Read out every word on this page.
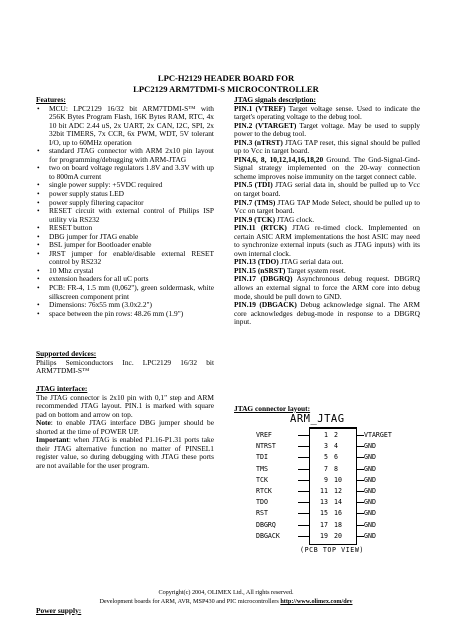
LPC-H2129 HEADER BOARD FOR
LPC2129 ARM7TDMI-S MICROCONTROLLER
Features:
• MCU: LPC2129 16/32 bit ARM7TDMI-S™ with 256K Bytes Program Flash, 16K Bytes RAM, RTC, 4x 10 bit ADC 2.44 uS, 2x UART, 2x CAN, I2C, SPI, 2x 32bit TIMERS, 7x CCR, 6x PWM, WDT, 5V tolerant I/O, up to 60MHz operation
• standard JTAG connector with ARM 2x10 pin layout for programming/debugging with ARM-JTAG
• two on board voltage regulators 1.8V and 3.3V with up to 800mA current
• single power supply: +5VDC required
• power supply status LED
• power supply filtering capacitor
• RESET circuit with external control of Philips ISP utility via RS232
• RESET button
• DBG jumper for JTAG enable
• BSL jumper for Bootloader enable
• JRST jumper for enable/disable external RESET control by RS232
• 10 Mhz crystal
• extension headers for all uC ports
• PCB: FR-4, 1.5 mm (0,062"), green soldermask, white silkscreen component print
• Dimensions: 76x55 mm (3.0x2.2")
• space between the pin rows: 48.26 mm (1.9")
Supported devices:
Philips Semiconductors Inc. LPC2129 16/32 bit ARM7TDMI-S™
JTAG interface:
The JTAG connector is 2x10 pin with 0,1" step and ARM recommended JTAG layout. PIN.1 is marked with square pad on bottom and arrow on top.
Note: to enable JTAG interface DBG jumper should be shorted at the time of POWER UP.
Important: when JTAG is enabled P1.16-P1.31 ports take their JTAG alternative function no matter of PINSEL1 register value, so during debugging with JTAG these ports are not available for the user program.
JTAG signals description:
PIN.1 (VTREF) Target voltage sense. Used to indicate the target's operating voltage to the debug tool.
PIN.2 (VTARGET) Target voltage. May be used to supply power to the debug tool.
PIN.3 (nTRST) JTAG TAP reset, this signal should be pulled up to Vcc in target board.
PIN4,6, 8, 10,12,14,16,18,20 Ground. The Gnd-Signal-Gnd-Signal strategy implemented on the 20-way connection scheme improves noise immunity on the target connect cable.
PIN.5 (TDI) JTAG serial data in, should be pulled up to Vcc on target board.
PIN.7 (TMS) JTAG TAP Mode Select, should be pulled up to Vcc on target board.
PIN.9 (TCK) JTAG clock.
PIN.11 (RTCK) JTAG re-timed clock. Implemented on certain ASIC ARM implementations the host ASIC may need to synchronize external inputs (such as JTAG inputs) with its own internal clock.
PIN.13 (TDO) JTAG serial data out.
PIN.15 (nSRST) Target system reset.
PIN.17 (DBGRQ) Asynchronous debug request. DBGRQ allows an external signal to force the ARM core into debug mode, should be pull down to GND.
PIN.19 (DBGACK) Debug acknowledge signal. The ARM core acknowledges debug-mode in response to a DBGRQ input.
JTAG connector layout:
ARM_JTAG
VREF	1 2	VTARGET
NTRST	3 4	GND
TDI	5 6	GND
TMS	7 8	GND
TCK	9 10	GND
RTCK	11 12	GND
TDO	13 14	GND
RST	15 16	GND
DBGRQ	17 18	GND
DBGACK	19 20	GND
(PCB TOP VIEW)
Copyright(c) 2004, OLIMEX Ltd., All rights reserved.
Development boards for ARM, AVR, MSP430 and PIC microcontrollers http://www.olimex.com/dev
Power supply:
